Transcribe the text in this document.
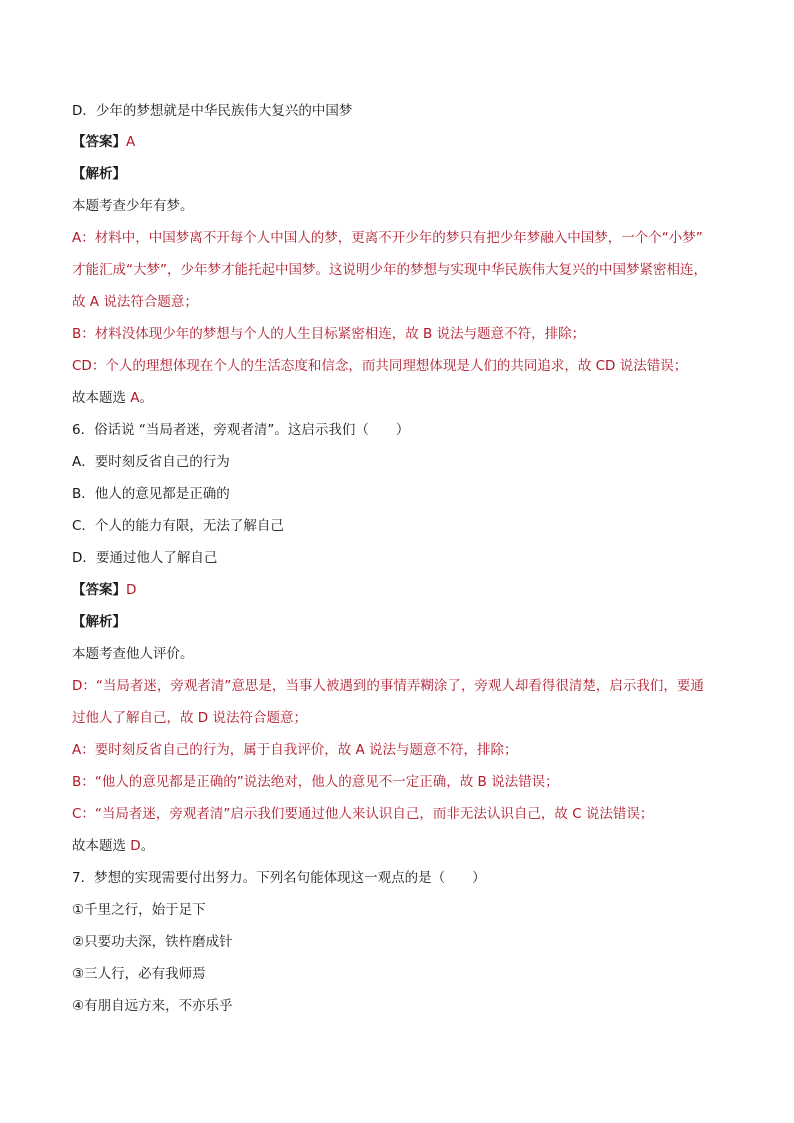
D．少年的梦想就是中华民族伟大复兴的中国梦
【答案】A
【解析】
本题考查少年有梦。
A：材料中，中国梦离不开每个人中国人的梦，更离不开少年的梦只有把少年梦融入中国梦，一个个“小梦”
才能汇成“大梦”，少年梦才能托起中国梦。这说明少年的梦想与实现中华民族伟大复兴的中国梦紧密相连，
故 A 说法符合题意；
B：材料没体现少年的梦想与个人的人生目标紧密相连，故 B 说法与题意不符，排除；
CD：个人的理想体现在个人的生活态度和信念，而共同理想体现是人们的共同追求，故 CD 说法错误；
故本题选 A。
6．俗话说 “当局者迷，旁观者清”。这启示我们（　　）
A．要时刻反省自己的行为
B．他人的意见都是正确的
C．个人的能力有限，无法了解自己
D．要通过他人了解自己
【答案】D
【解析】
本题考查他人评价。
D：“当局者迷，旁观者清”意思是，当事人被遇到的事情弄糊涂了，旁观人却看得很清楚，启示我们，要通
过他人了解自己，故 D 说法符合题意；
A：要时刻反省自己的行为，属于自我评价，故 A 说法与题意不符，排除；
B：“他人的意见都是正确的”说法绝对，他人的意见不一定正确，故 B 说法错误；
C：“当局者迷，旁观者清”启示我们要通过他人来认识自己，而非无法认识自己，故 C 说法错误；
故本题选 D。
7．梦想的实现需要付出努力。下列名句能体现这一观点的是（　　）
①千里之行，始于足下
②只要功夫深，铁杵磨成针
③三人行，必有我师焉
④有朋自远方来，不亦乐乎
